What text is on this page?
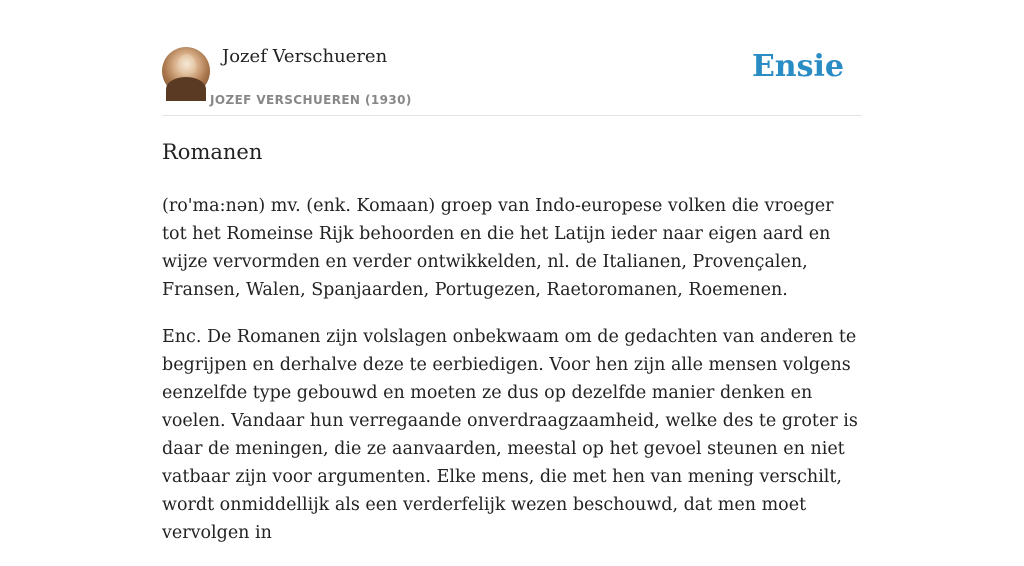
Jozef Verschueren
JOZEF VERSCHUEREN (1930)
Ensie
Romanen

(ro'ma:nən) mv. (enk. Komaan) groep van Indo-europese volken die vroeger tot het Romeinse Rijk behoorden en die het Latijn ieder naar eigen aard en wijze vervormden en verder ontwikkelden, nl. de Italianen, Provençalen, Fransen, Walen, Spanjaarden, Portugezen, Raetoromanen, Roemenen.

Enc. De Romanen zijn volslagen onbekwaam om de gedachten van anderen te begrijpen en derhalve deze te eerbiedigen. Voor hen zijn alle mensen volgens eenzelfde type gebouwd en moeten ze dus op dezelfde manier denken en voelen. Vandaar hun verregaande onverdraagzaamheid, welke des te groter is daar de meningen, die ze aanvaarden, meestal op het gevoel steunen en niet vatbaar zijn voor argumenten. Elke mens, die met hen van mening verschilt, wordt onmiddellijk als een verderfelijk wezen beschouwd, dat men moet vervolgen in
